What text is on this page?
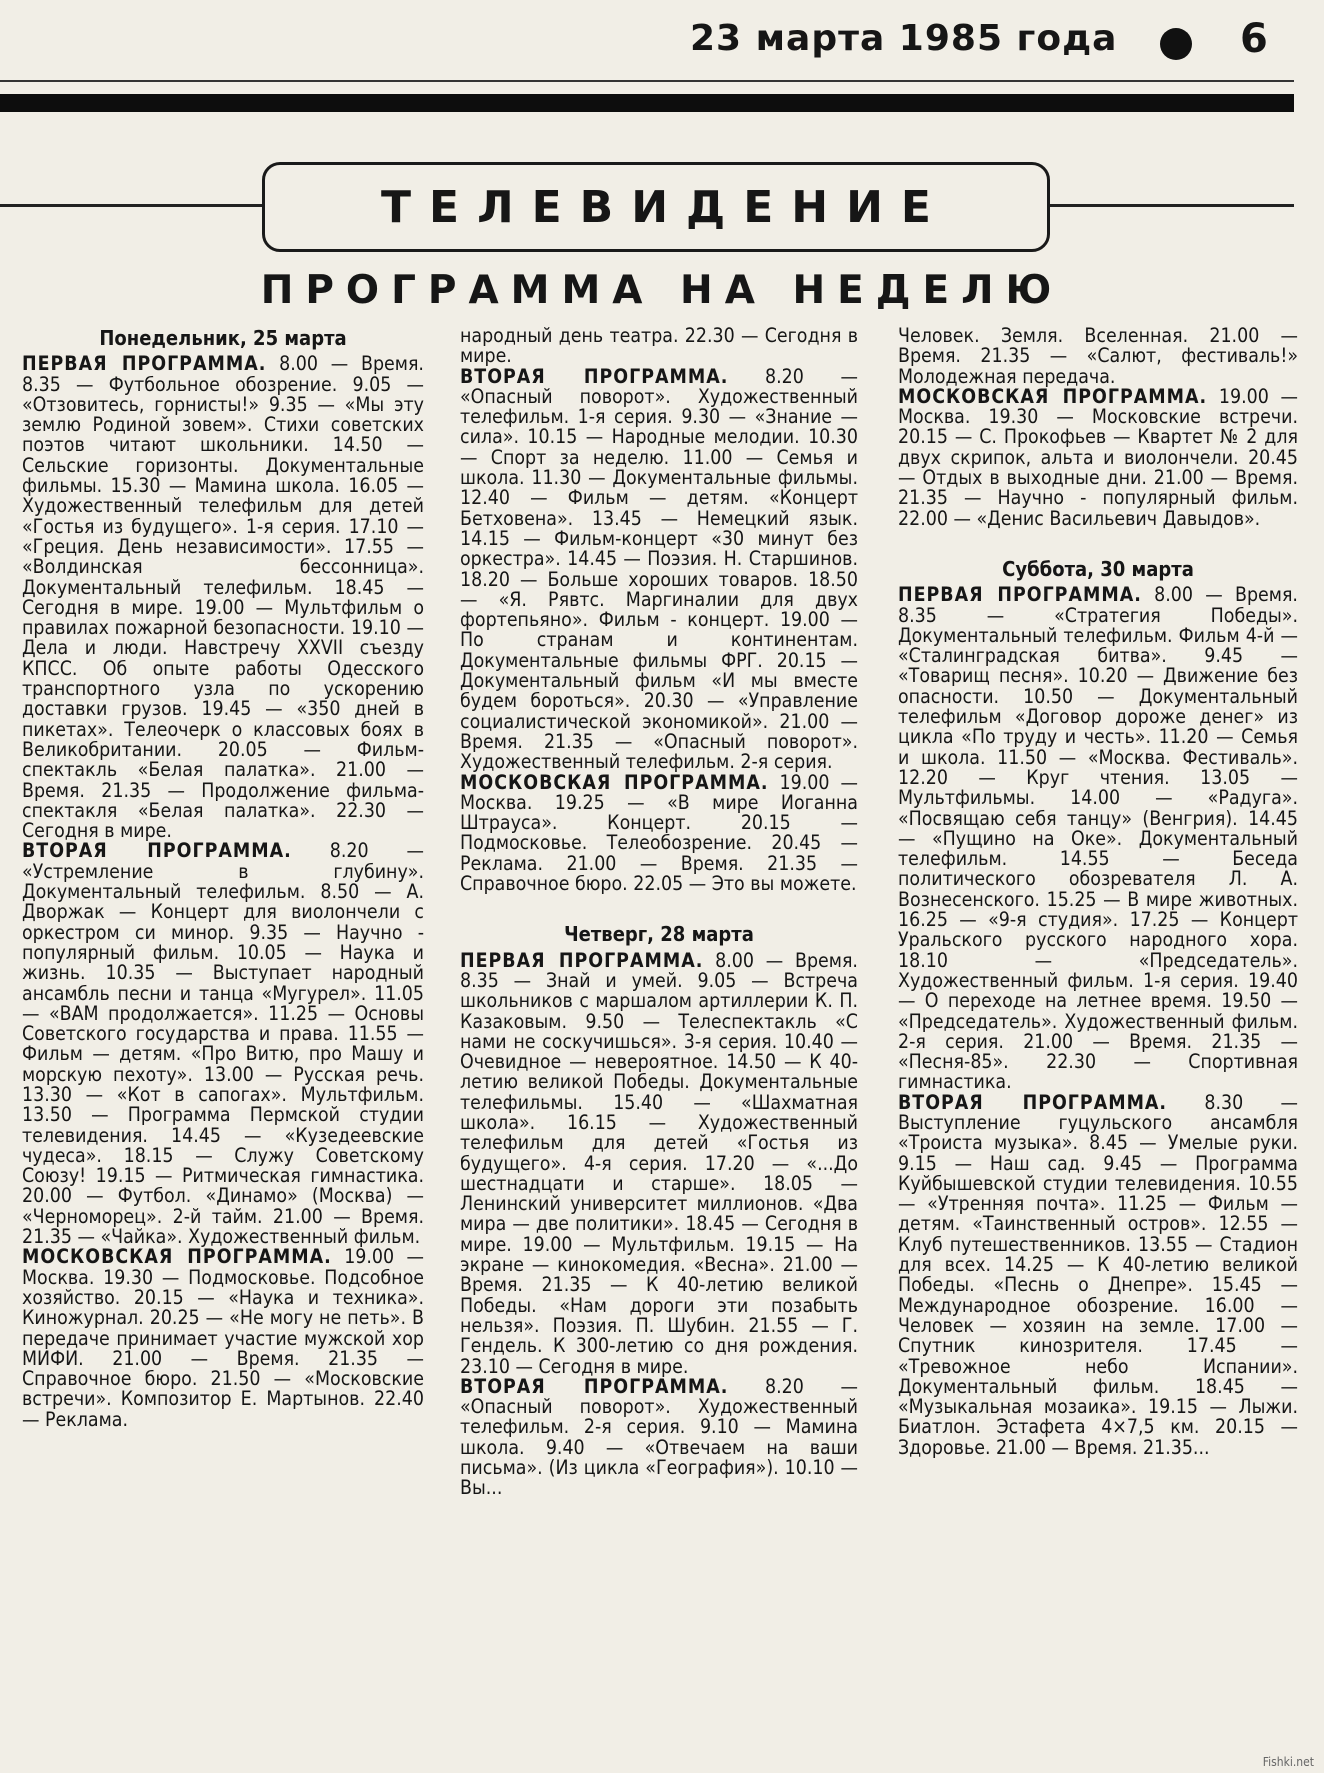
23 марта 1985 года	6
ТЕЛЕВИДЕНИЕ
ПРОГРАММА НА НЕДЕЛЮ
Понедельник, 25 марта

ПЕРВАЯ ПРОГРАММА. 8.00 — Время. 8.35 — Футбольное обозрение. 9.05 — «Отзовитесь, горнисты!» 9.35 — «Мы эту землю Родиной зовем». Стихи советских поэтов читают школьники. 14.50 — Сельские горизонты. Документальные фильмы. 15.30 — Мамина школа. 16.05 — Художественный телефильм для детей «Гостья из будущего». 1-я серия. 17.10 — «Греция. День независимости». 17.55 — «Волдинская бессонница». Документальный телефильм. 18.45 — Сегодня в мире. 19.00 — Мультфильм о правилах пожарной безопасности. 19.10 — Дела и люди. Навстречу XXVII съезду КПСС. Об опыте работы Одесского транспортного узла по ускорению доставки грузов. 19.45 — «350 дней в пикетах». Телеочерк о классовых боях в Великобритании. 20.05 — Фильм-спектакль «Белая палатка». 21.00 — Время. 21.35 — Продолжение фильма-спектакля «Белая палатка». 22.30 — Сегодня в мире.

ВТОРАЯ ПРОГРАММА. 8.20 — «Устремление в глубину». Документальный телефильм. 8.50 — А. Дворжак — Концерт для виолончели с оркестром си минор. 9.35 — Научно - популярный фильм. 10.05 — Наука и жизнь. 10.35 — Выступает народный ансамбль песни и танца «Мугурел». 11.05 — «ВАМ продолжается». 11.25 — Основы Советского государства и права. 11.55 — Фильм — детям. «Про Витю, про Машу и морскую пехоту». 13.00 — Русская речь. 13.30 — «Кот в сапогах». Мультфильм. 13.50 — Программа Пермской студии телевидения. 14.45 — «Кузедеевские чудеса». 18.15 — Служу Советскому Союзу! 19.15 — Ритмическая гимнастика. 20.00 — Футбол. «Динамо» (Москва) — «Черноморец». 2-й тайм. 21.00 — Время. 21.35 — «Чайка». Художественный фильм.

МОСКОВСКАЯ ПРОГРАММА. 19.00 — Москва. 19.30 — Подмосковье. Подсобное хозяйство. 20.15 — «Наука и техника». Киножурнал. 20.25 — «Не могу не петь». В передаче принимает участие мужской хор МИФИ. 21.00 — Время. 21.35 — Справочное бюро. 21.50 — «Московские встречи». Композитор Е. Мартынов. 22.40 — Реклама.

народный день театра. 22.30 — Сегодня в мире.

ВТОРАЯ ПРОГРАММА. 8.20 — «Опасный поворот». Художественный телефильм. 1-я серия. 9.30 — «Знание — сила». 10.15 — Народные мелодии. 10.30 — Спорт за неделю. 11.00 — Семья и школа. 11.30 — Документальные фильмы. 12.40 — Фильм — детям. «Концерт Бетховена». 13.45 — Немецкий язык. 14.15 — Фильм-концерт «30 минут без оркестра». 14.45 — Поэзия. Н. Старшинов. 18.20 — Больше хороших товаров. 18.50 — «Я. Рявтс. Маргиналии для двух фортепьяно». Фильм - концерт. 19.00 — По странам и континентам. Документальные фильмы ФРГ. 20.15 — Документальный фильм «И мы вместе будем бороться». 20.30 — «Управление социалистической экономикой». 21.00 — Время. 21.35 — «Опасный поворот». Художественный телефильм. 2-я серия.

МОСКОВСКАЯ ПРОГРАММА. 19.00 — Москва. 19.25 — «В мире Иоганна Штрауса». Концерт. 20.15 — Подмосковье. Телеобозрение. 20.45 — Реклама. 21.00 — Время. 21.35 — Справочное бюро. 22.05 — Это вы можете.

Четверг, 28 марта

ПЕРВАЯ ПРОГРАММА. 8.00 — Время. 8.35 — Знай и умей. 9.05 — Встреча школьников с маршалом артиллерии К. П. Казаковым. 9.50 — Телеспектакль «С нами не соскучишься». 3-я серия. 10.40 — Очевидное — невероятное. 14.50 — К 40-летию великой Победы. Документальные телефильмы. 15.40 — «Шахматная школа». 16.15 — Художественный телефильм для детей «Гостья из будущего». 4-я серия. 17.20 — «...До шестнадцати и старше». 18.05 — Ленинский университет миллионов. «Два мира — две политики». 18.45 — Сегодня в мире. 19.00 — Мультфильм. 19.15 — На экране — кинокомедия. «Весна». 21.00 — Время. 21.35 — К 40-летию великой Победы. «Нам дороги эти позабыть нельзя». Поэзия. П. Шубин. 21.55 — Г. Гендель. К 300-летию со дня рождения. 23.10 — Сегодня в мире.

ВТОРАЯ ПРОГРАММА. 8.20 — «Опасный поворот». Художественный телефильм. 2-я серия. 9.10 — Мамина школа. 9.40 — «Отвечаем на ваши письма». (Из цикла «География»). 10.10 — Вы...

Человек. Земля. Вселенная. 21.00 — Время. 21.35 — «Салют, фестиваль!» Молодежная передача.

МОСКОВСКАЯ ПРОГРАММА. 19.00 — Москва. 19.30 — Московские встречи. 20.15 — С. Прокофьев — Квартет № 2 для двух скрипок, альта и виолончели. 20.45 — Отдых в выходные дни. 21.00 — Время. 21.35 — Научно - популярный фильм. 22.00 — «Денис Васильевич Давыдов».

Суббота, 30 марта

ПЕРВАЯ ПРОГРАММА. 8.00 — Время. 8.35 — «Стратегия Победы». Документальный телефильм. Фильм 4-й — «Сталинградская битва». 9.45 — «Товарищ песня». 10.20 — Движение без опасности. 10.50 — Документальный телефильм «Договор дороже денег» из цикла «По труду и честь». 11.20 — Семья и школа. 11.50 — «Москва. Фестиваль». 12.20 — Круг чтения. 13.05 — Мультфильмы. 14.00 — «Радуга». «Посвящаю себя танцу» (Венгрия). 14.45 — «Пущино на Оке». Документальный телефильм. 14.55 — Беседа политического обозревателя Л. А. Вознесенского. 15.25 — В мире животных. 16.25 — «9-я студия». 17.25 — Концерт Уральского русского народного хора. 18.10 — «Председатель». Художественный фильм. 1-я серия. 19.40 — О переходе на летнее время. 19.50 — «Председатель». Художественный фильм. 2-я серия. 21.00 — Время. 21.35 — «Песня-85». 22.30 — Спортивная гимнастика.

ВТОРАЯ ПРОГРАММА. 8.30 — Выступление гуцульского ансамбля «Троиста музыка». 8.45 — Умелые руки. 9.15 — Наш сад. 9.45 — Программа Куйбышевской студии телевидения. 10.55 — «Утренняя почта». 11.25 — Фильм — детям. «Таинственный остров». 12.55 — Клуб путешественников. 13.55 — Стадион для всех. 14.25 — К 40-летию великой Победы. «Песнь о Днепре». 15.45 — Международное обозрение. 16.00 — Человек — хозяин на земле. 17.00 — Спутник кинозрителя. 17.45 — «Тревожное небо Испании». Документальный фильм. 18.45 — «Музыкальная мозаика». 19.15 — Лыжи. Биатлон. Эстафета 4×7,5 км. 20.15 — Здоровье. 21.00 — Время. 21.35...

Fishki.net
